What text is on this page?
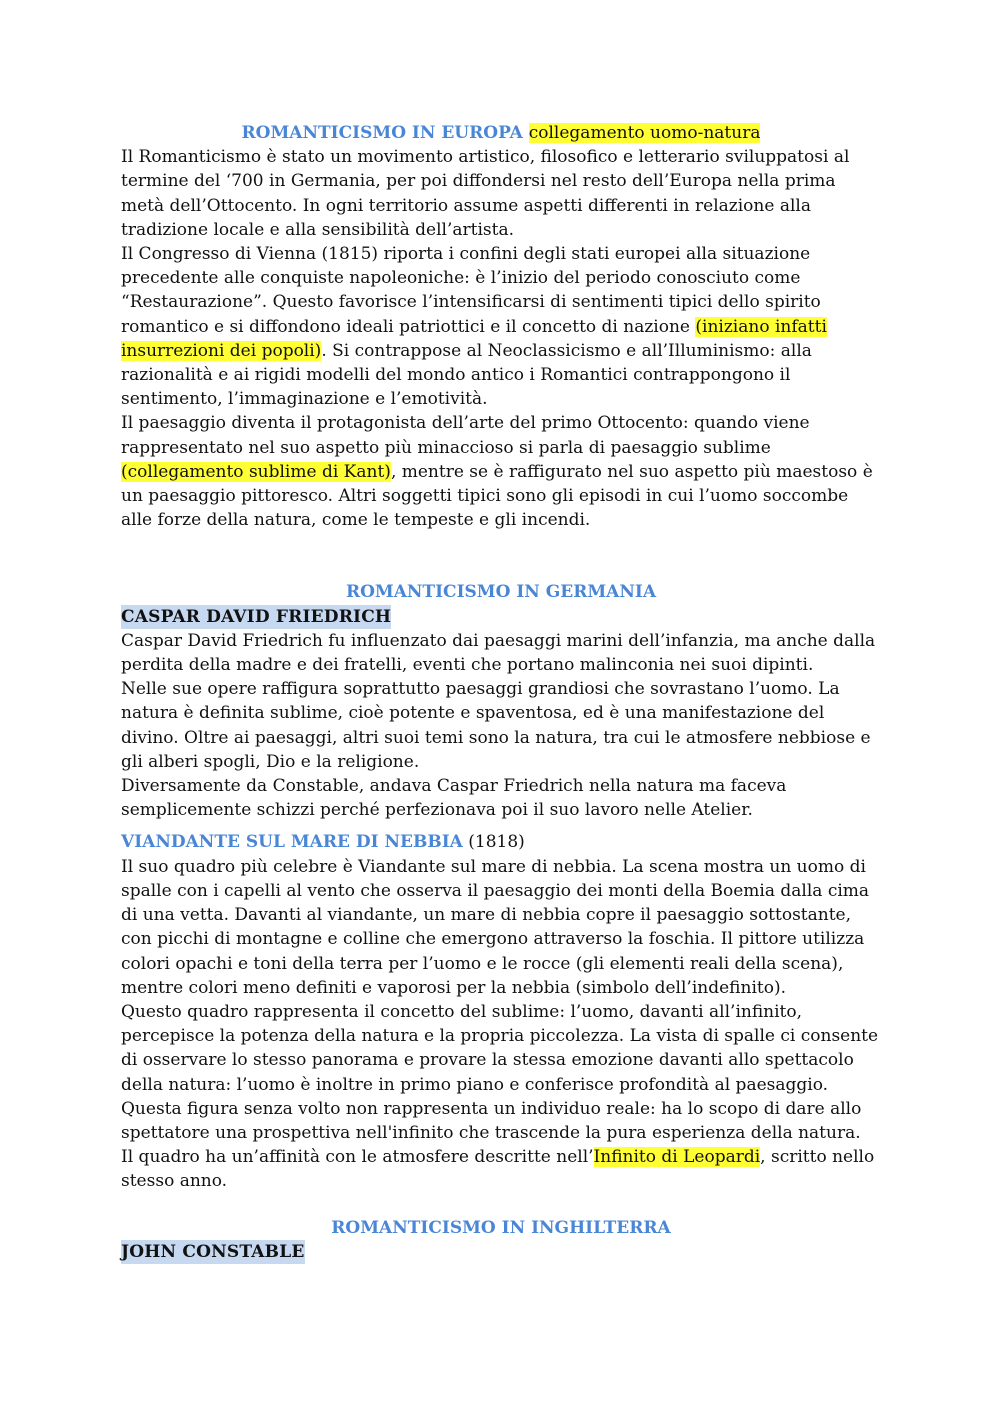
ROMANTICISMO IN EUROPA collegamento uomo-natura

Il Romanticismo è stato un movimento artistico, filosofico e letterario sviluppatosi al termine del ‘700 in Germania, per poi diffondersi nel resto dell’Europa nella prima metà dell’Ottocento. In ogni territorio assume aspetti differenti in relazione alla tradizione locale e alla sensibilità dell’artista.

Il Congresso di Vienna (1815) riporta i confini degli stati europei alla situazione precedente alle conquiste napoleoniche: è l’inizio del periodo conosciuto come “Restaurazione”. Questo favorisce l’intensificarsi di sentimenti tipici dello spirito romantico e si diffondono ideali patriottici e il concetto di nazione (iniziano infatti insurrezioni dei popoli). Si contrappose al Neoclassicismo e all’Illuminismo: alla razionalità e ai rigidi modelli del mondo antico i Romantici contrappongono il sentimento, l’immaginazione e l’emotività.

Il paesaggio diventa il protagonista dell’arte del primo Ottocento: quando viene rappresentato nel suo aspetto più minaccioso si parla di paesaggio sublime (collegamento sublime di Kant), mentre se è raffigurato nel suo aspetto più maestoso è un paesaggio pittoresco. Altri soggetti tipici sono gli episodi in cui l’uomo soccombe alle forze della natura, come le tempeste e gli incendi.

ROMANTICISMO IN GERMANIA

CASPAR DAVID FRIEDRICH

Caspar David Friedrich fu influenzato dai paesaggi marini dell’infanzia, ma anche dalla perdita della madre e dei fratelli, eventi che portano malinconia nei suoi dipinti.

Nelle sue opere raffigura soprattutto paesaggi grandiosi che sovrastano l’uomo. La natura è definita sublime, cioè potente e spaventosa, ed è una manifestazione del divino. Oltre ai paesaggi, altri suoi temi sono la natura, tra cui le atmosfere nebbiose e gli alberi spogli, Dio e la religione.

Diversamente da Constable, andava Caspar Friedrich nella natura ma faceva semplicemente schizzi perché perfezionava poi il suo lavoro nelle Atelier.

VIANDANTE SUL MARE DI NEBBIA (1818)

Il suo quadro più celebre è Viandante sul mare di nebbia. La scena mostra un uomo di spalle con i capelli al vento che osserva il paesaggio dei monti della Boemia dalla cima di una vetta. Davanti al viandante, un mare di nebbia copre il paesaggio sottostante, con picchi di montagne e colline che emergono attraverso la foschia. Il pittore utilizza colori opachi e toni della terra per l’uomo e le rocce (gli elementi reali della scena), mentre colori meno definiti e vaporosi per la nebbia (simbolo dell’indefinito).

Questo quadro rappresenta il concetto del sublime: l’uomo, davanti all’infinito, percepisce la potenza della natura e la propria piccolezza. La vista di spalle ci consente di osservare lo stesso panorama e provare la stessa emozione davanti allo spettacolo della natura: l’uomo è inoltre in primo piano e conferisce profondità al paesaggio. Questa figura senza volto non rappresenta un individuo reale: ha lo scopo di dare allo spettatore una prospettiva nell'infinito che trascende la pura esperienza della natura.

Il quadro ha un’affinità con le atmosfere descritte nell’Infinito di Leopardi, scritto nello stesso anno.

ROMANTICISMO IN INGHILTERRA

JOHN CONSTABLE
